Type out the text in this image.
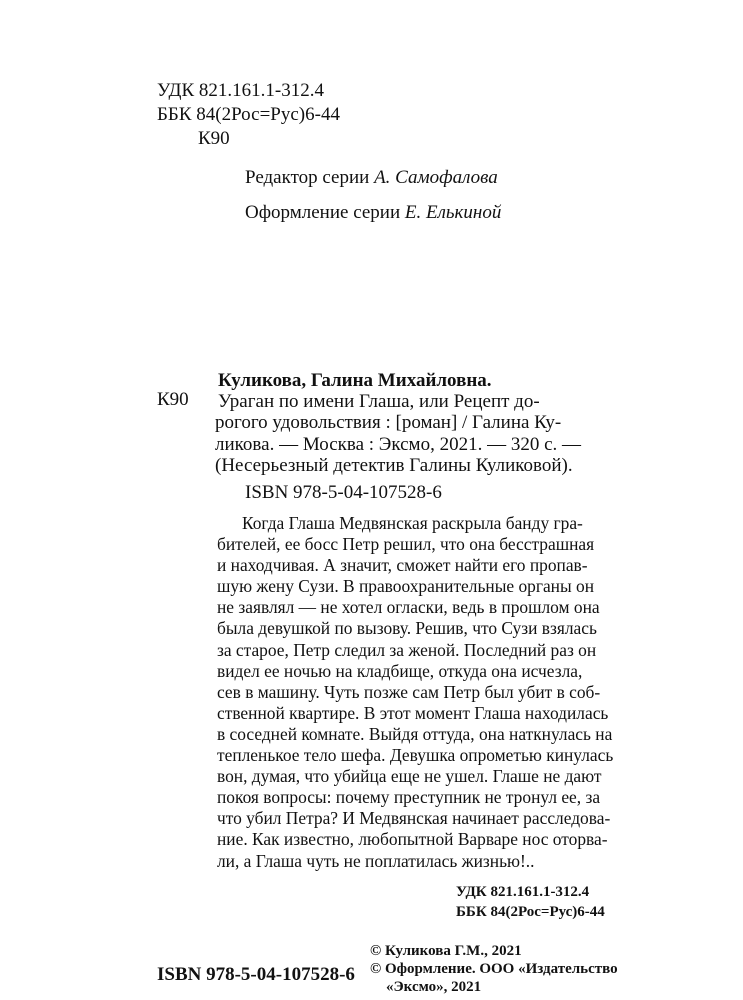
УДК 821.161.1-312.4
ББК 84(2Рос=Рус)6-44
К90
Редактор серии А. Самофалова
Оформление серии Е. Елькиной
К90
Куликова, Галина Михайловна.
Ураган по имени Глаша, или Рецепт до-
рогого удовольствия : [роман] / Галина Ку-
ликова. — Москва : Эксмо, 2021. — 320 с. —
(Несерьезный детектив Галины Куликовой).
ISBN 978-5-04-107528-6
Когда Глаша Медвянская раскрыла банду гра-
бителей, ее босс Петр решил, что она бесстрашная
и находчивая. А значит, сможет найти его пропав-
шую жену Сузи. В правоохранительные органы он
не заявлял — не хотел огласки, ведь в прошлом она
была девушкой по вызову. Решив, что Сузи взялась
за старое, Петр следил за женой. Последний раз он
видел ее ночью на кладбище, откуда она исчезла,
сев в машину. Чуть позже сам Петр был убит в соб-
ственной квартире. В этот момент Глаша находилась
в соседней комнате. Выйдя оттуда, она наткнулась на
тепленькое тело шефа. Девушка опрометью кинулась
вон, думая, что убийца еще не ушел. Глаше не дают
покоя вопросы: почему преступник не тронул ее, за
что убил Петра? И Медвянская начинает расследова-
ние. Как известно, любопытной Варваре нос оторва-
ли, а Глаша чуть не поплатилась жизнью!..
УДК 821.161.1-312.4
ББК 84(2Рос=Рус)6-44
© Куликова Г.М., 2021
© Оформление. ООО «Издательство
«Эксмо», 2021
ISBN 978-5-04-107528-6
